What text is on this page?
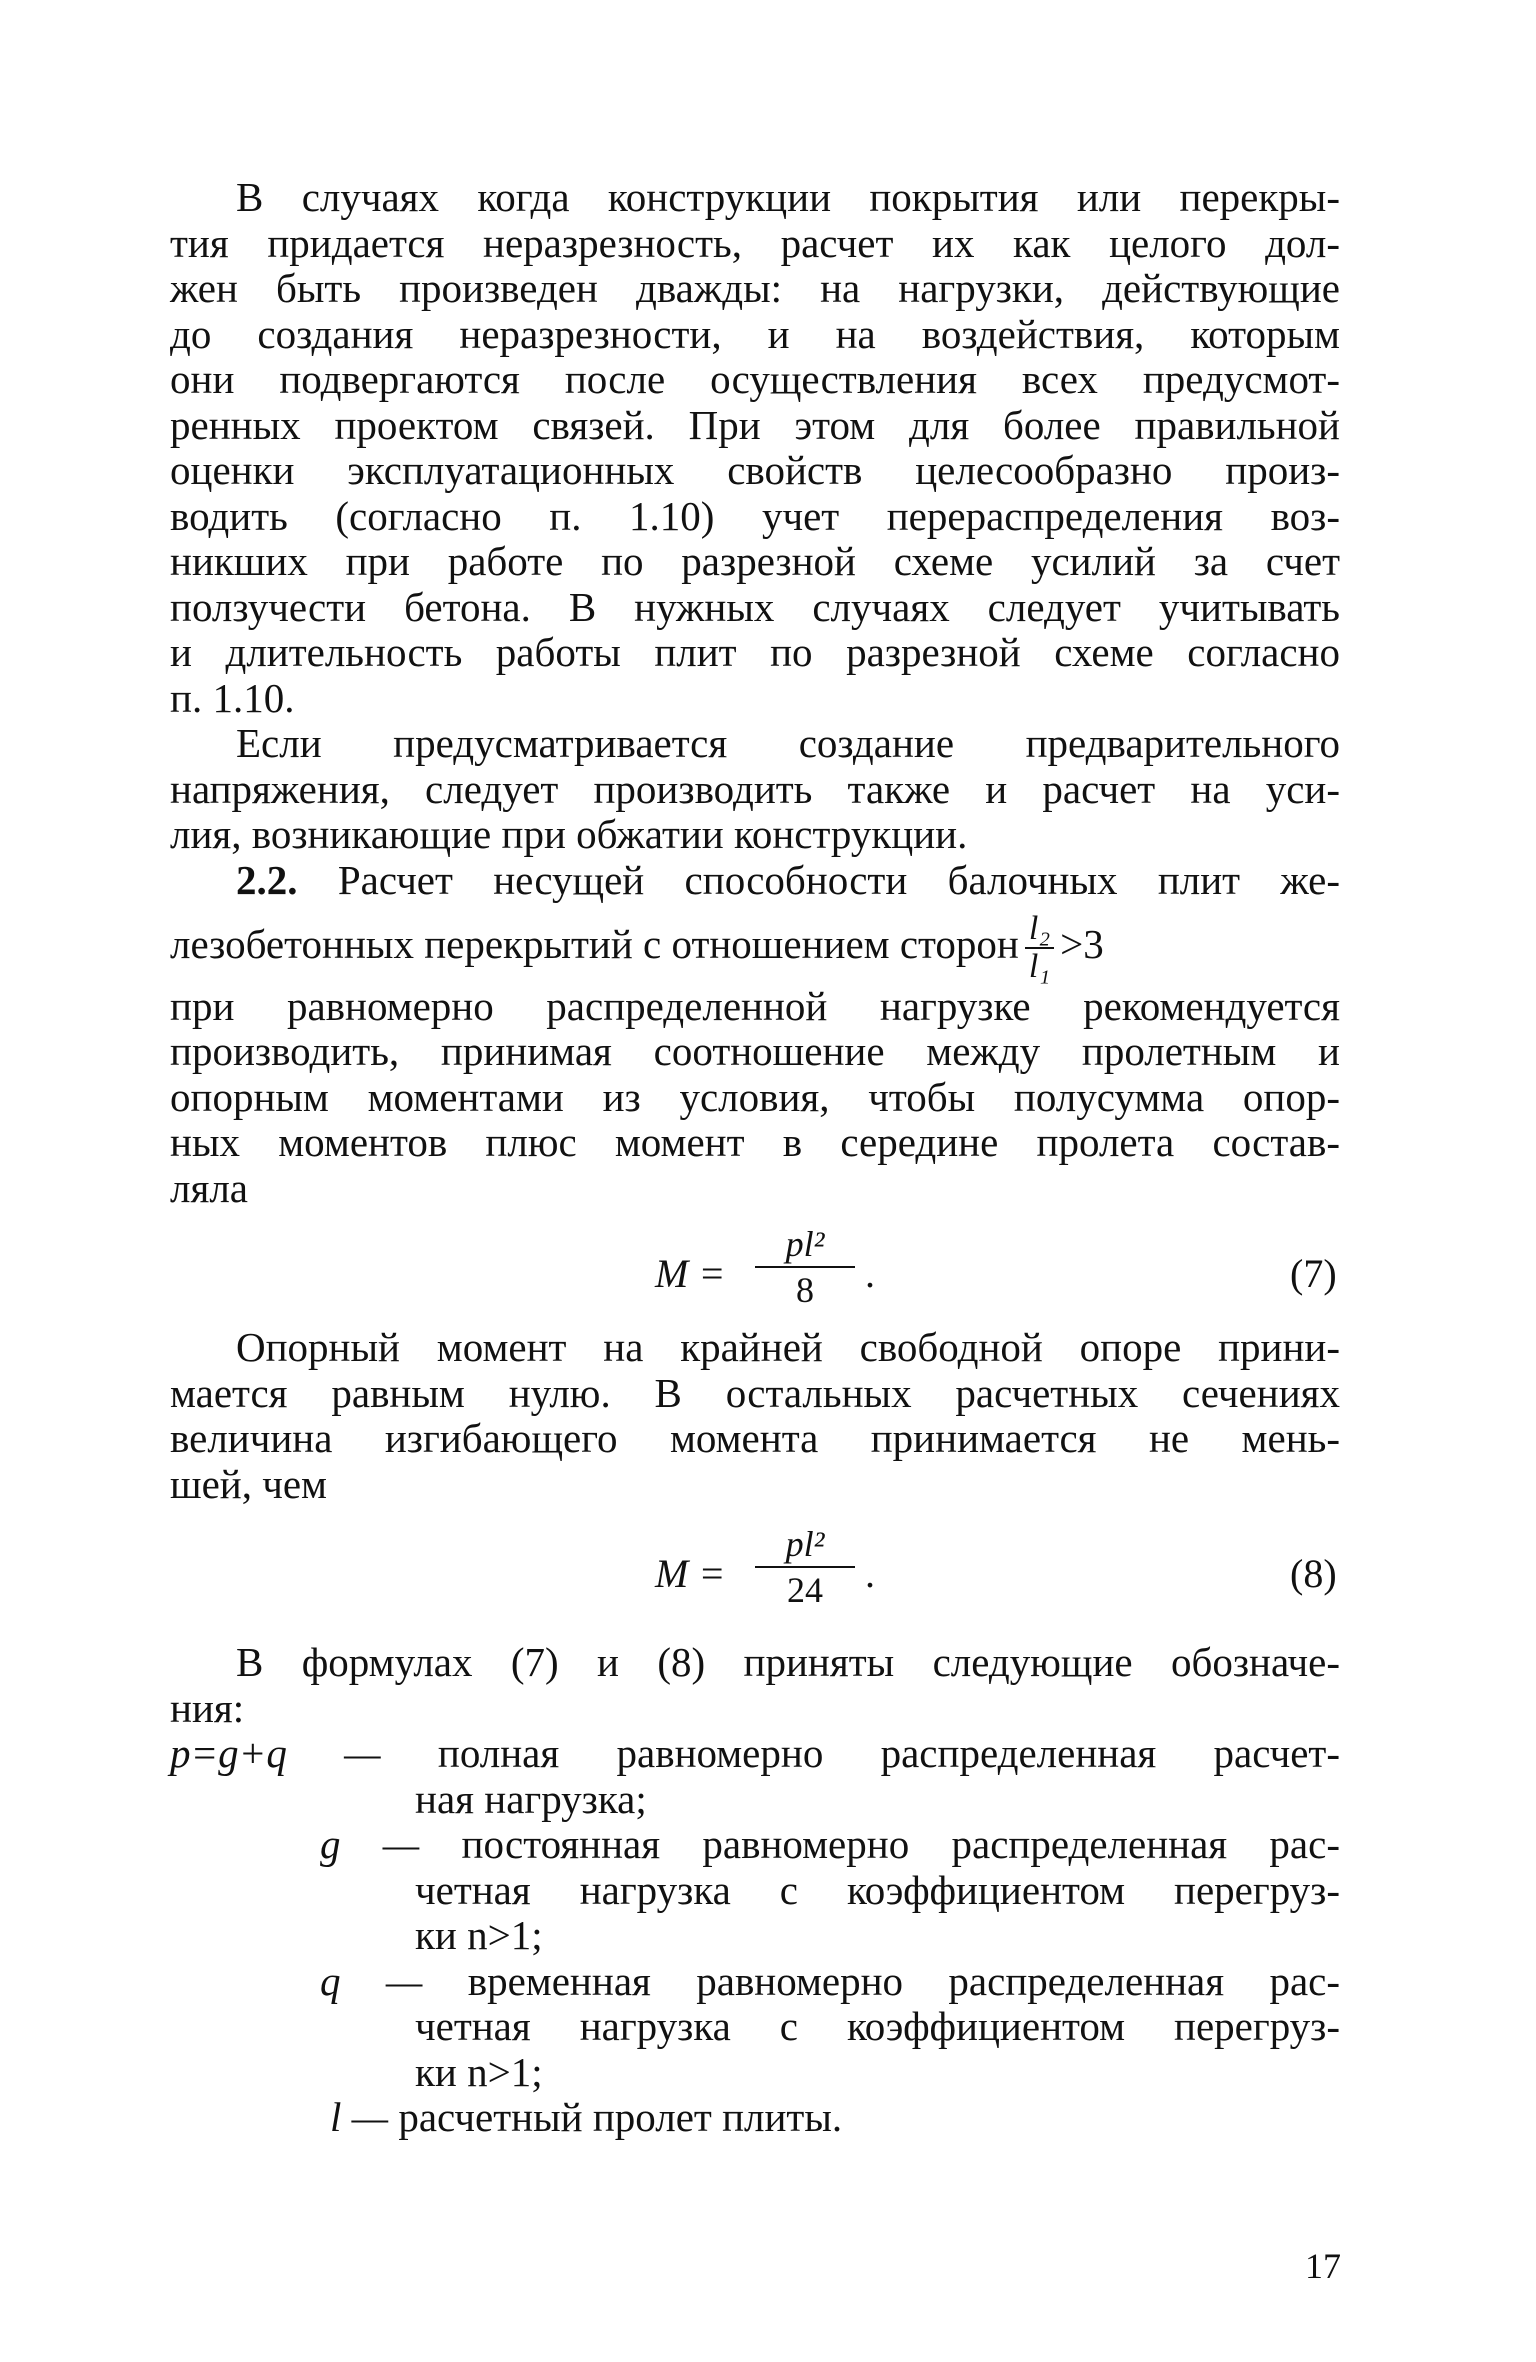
В случаях когда конструкции покрытия или перекры-
тия придается неразрезность, расчет их как целого дол-
жен быть произведен дважды: на нагрузки, действующие
до создания неразрезности, и на воздействия, которым
они подвергаются после осуществления всех предусмот-
ренных проектом связей. При этом для более правильной
оценки эксплуатационных свойств целесообразно произ-
водить (согласно п. 1.10) учет перераспределения воз-
никших при работе по разрезной схеме усилий за счет
ползучести бетона. В нужных случаях следует учитывать
и длительность работы плит по разрезной схеме согласно
п. 1.10.
Если предусматривается создание предварительного
напряжения, следует производить также и расчет на уси-
лия, возникающие при обжатии конструкции.
2.2. Расчет несущей способности балочных плит же-
лезобетонных перекрытий с отношением сторон $\frac{\text{l₂}}{\text{l₁}} >3$
при равномерно распределенной нагрузке рекомендуется
производить, принимая соотношение между пролетным и
опорным моментами из условия, чтобы полусумма опор-
ных моментов плюс момент в середине пролета состав-
ляла
$M = \frac{\text{pl²}}{8}$ .	(7)
Опорный момент на крайней свободной опоре прини-
мается равным нулю. В остальных расчетных сечениях
величина изгибающего момента принимается не мень-
шей, чем
$M = \frac{\text{pl²}}{24}$ .	(8)
В формулах (7) и (8) приняты следующие обозначе-
ния:
p=g+q — полная равномерно распределенная расчет-
ная нагрузка;
g — постоянная равномерно распределенная рас-
четная нагрузка с коэффициентом перегруз-
ки n>1;
q — временная равномерно распределенная рас-
четная нагрузка с коэффициентом перегруз-
ки n>1;
l — расчетный пролет плиты.
17
